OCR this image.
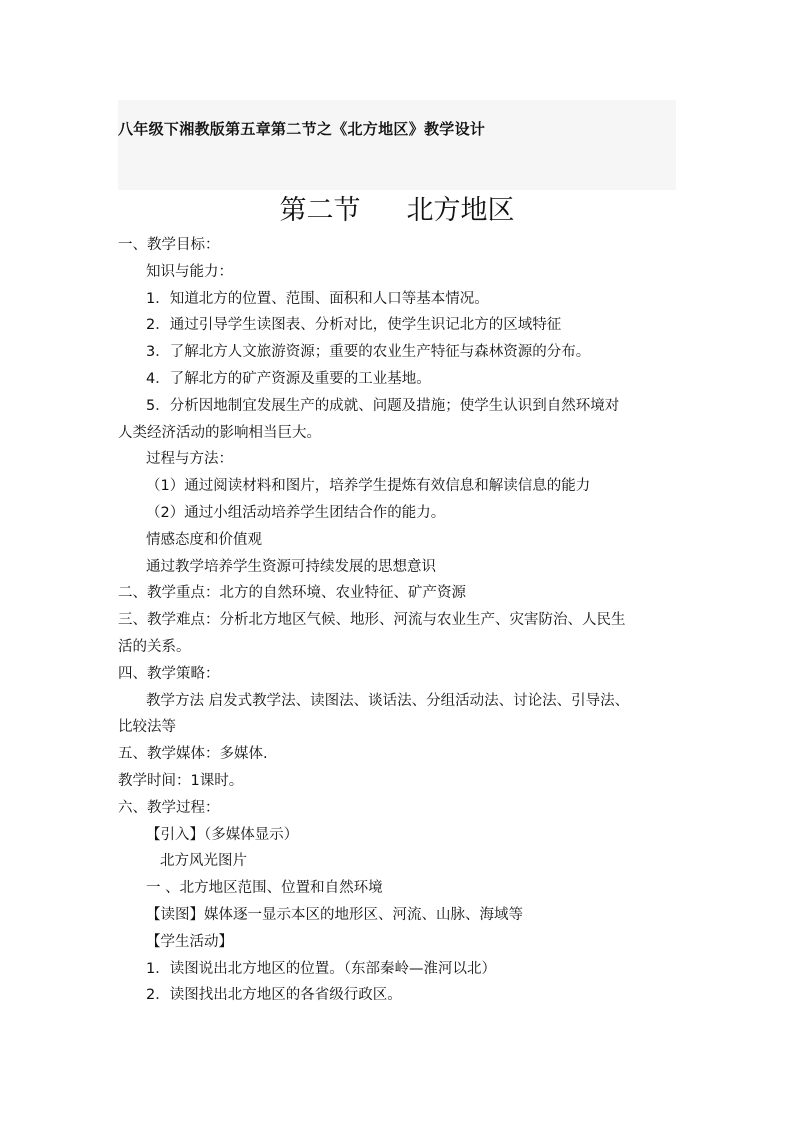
八年级下湘教版第五章第二节之《北方地区》教学设计
第二节 北方地区
一、教学目标：
知识与能力：
1．知道北方的位置、范围、面积和人口等基本情况。
2．通过引导学生读图表、分析对比，使学生识记北方的区域特征
3．了解北方人文旅游资源；重要的农业生产特征与森林资源的分布。
4．了解北方的矿产资源及重要的工业基地。
5．分析因地制宜发展生产的成就、问题及措施；使学生认识到自然环境对
人类经济活动的影响相当巨大。
过程与方法：
（1）通过阅读材料和图片，培养学生提炼有效信息和解读信息的能力
（2）通过小组活动培养学生团结合作的能力。
情感态度和价值观
通过教学培养学生资源可持续发展的思想意识
二、教学重点：北方的自然环境、农业特征、矿产资源
三、教学难点：分析北方地区气候、地形、河流与农业生产、灾害防治、人民生
活的关系。
四、教学策略：
教学方法 启发式教学法、读图法、谈话法、分组活动法、讨论法、引导法、
比较法等
五、教学媒体：多媒体.
教学时间：1课时。
六、教学过程：
【引入】（多媒体显示）
北方风光图片
一 、北方地区范围、位置和自然环境
【读图】媒体逐一显示本区的地形区、河流、山脉、海域等
【学生活动】
1．读图说出北方地区的位置。（东部秦岭—淮河以北）
2．读图找出北方地区的各省级行政区。
